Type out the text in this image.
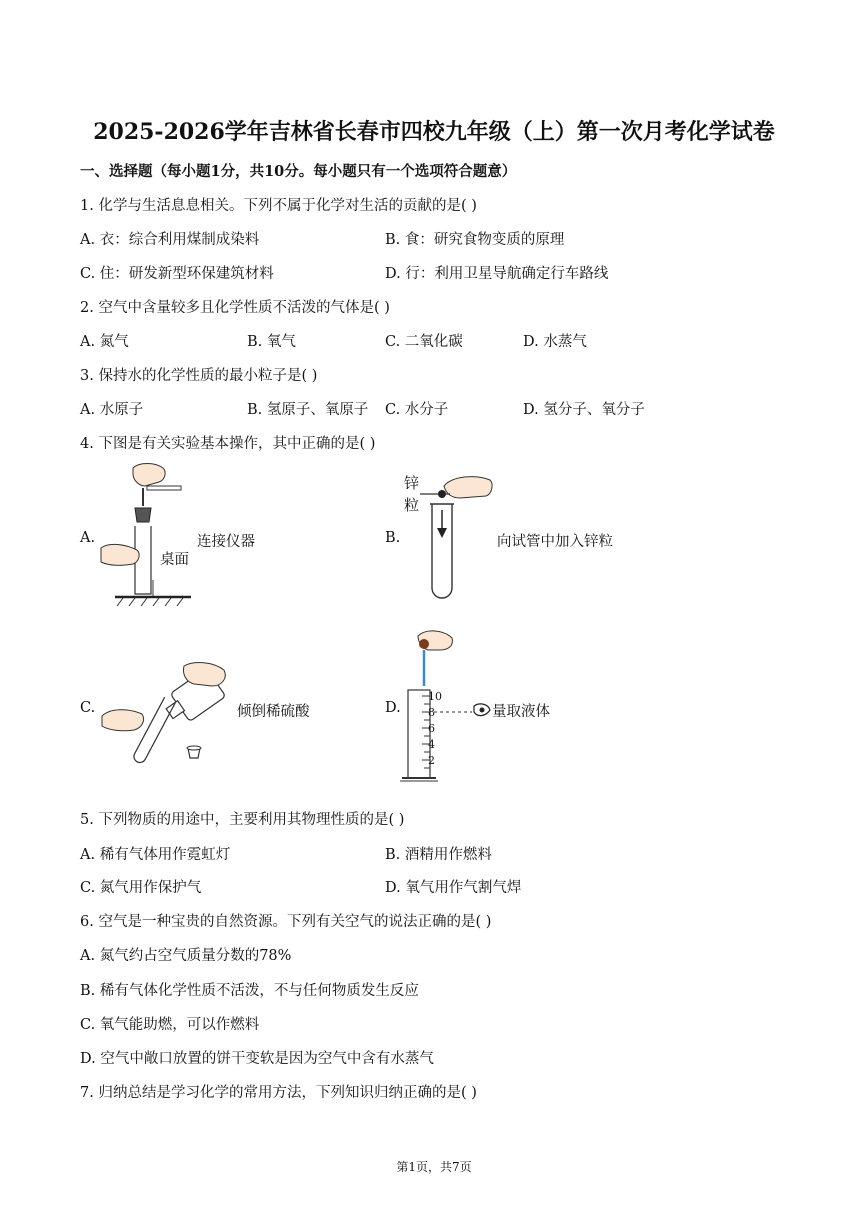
2025-2026学年吉林省长春市四校九年级（上）第一次月考化学试卷
一、选择题（每小题1分，共10分。每小题只有一个选项符合题意）
1. 化学与生活息息相关。下列不属于化学对生活的贡献的是( )
A. 衣：综合利用煤制成染料	B. 食：研究食物变质的原理
C. 住：研发新型环保建筑材料	D. 行：利用卫星导航确定行车路线
2. 空气中含量较多且化学性质不活泼的气体是( )
A. 氮气	B. 氧气	C. 二氧化碳	D. 水蒸气
3. 保持水的化学性质的最小粒子是( )
A. 水原子	B. 氢原子、氧原子 C. 水分子	D. 氢分子、氧分子
4. 下图是有关实验基本操作，其中正确的是( )
A.
桌面
连接仪器	B.
锌
粒
向试管中加入锌粒
C.	倾倒稀硫酸	D.
10
8
6
4
2
量取液体
5. 下列物质的用途中，主要利用其物理性质的是( )
A. 稀有气体用作霓虹灯	B. 酒精用作燃料
C. 氮气用作保护气	D. 氧气用作气割气焊
6. 空气是一种宝贵的自然资源。下列有关空气的说法正确的是( )
A. 氮气约占空气质量分数的78%
B. 稀有气体化学性质不活泼，不与任何物质发生反应
C. 氧气能助燃，可以作燃料
D. 空气中敞口放置的饼干变软是因为空气中含有水蒸气
7. 归纳总结是学习化学的常用方法，下列知识归纳正确的是( )
第1页，共7页
